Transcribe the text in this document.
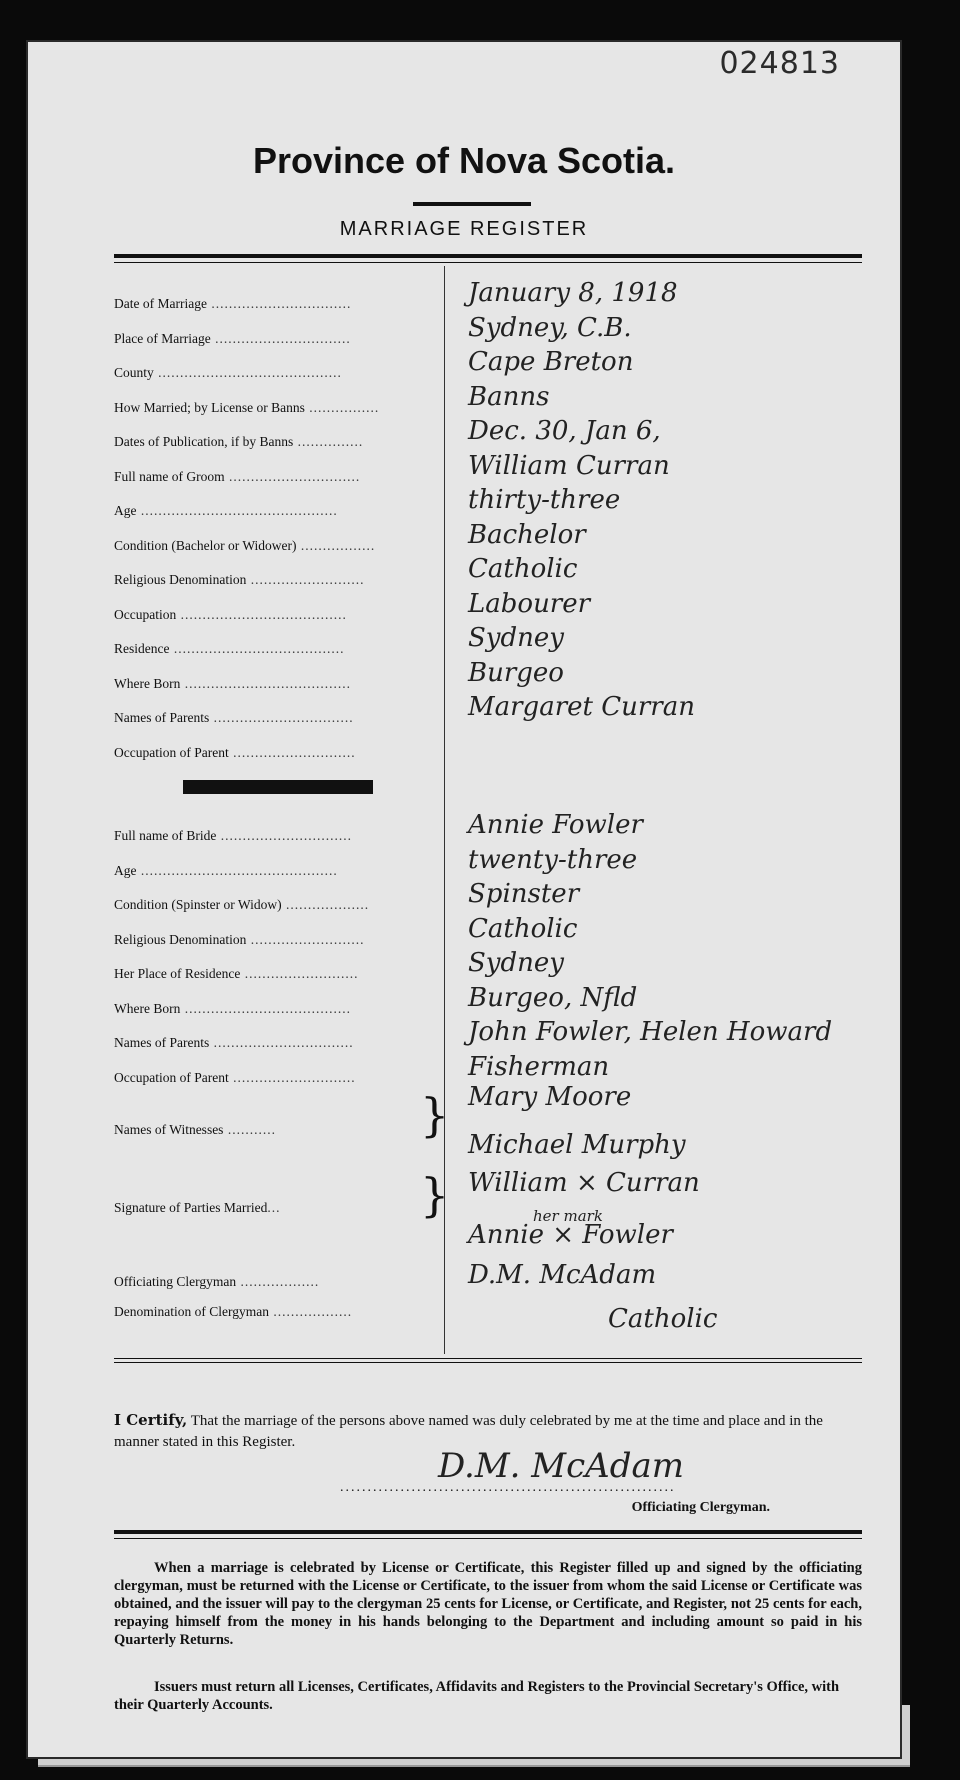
024813
Province of Nova Scotia.
MARRIAGE REGISTER
Date of Marriage ................................	January 8, 1918
Place of Marriage ...............................	Sydney, C.B.
County ..........................................	Cape Breton
How Married; by License or Banns ................	Banns
Dates of Publication, if by Banns ...............	Dec. 30, Jan 6,
Full name of Groom ..............................	William Curran
Age .............................................	thirty-three
Condition (Bachelor or Widower) .................	Bachelor
Religious Denomination ..........................	Catholic
Occupation ......................................	Labourer
Residence .......................................	Sydney
Where Born ......................................	Burgeo
Names of Parents ................................	Margaret Curran
Occupation of Parent ............................
Full name of Bride ..............................	Annie Fowler
Age .............................................	twenty-three
Condition (Spinster or Widow) ...................	Spinster
Religious Denomination ..........................	Catholic
Her Place of Residence ..........................	Sydney
Where Born ......................................	Burgeo, Nfld
Names of Parents ................................	John Fowler, Helen Howard
Occupation of Parent ............................	Fisherman
Names of Witnesses ...........	} Mary Moore
Michael Murphy
Signature of Parties Married...	} William × Curran
her mark
Annie × Fowler
Officiating Clergyman ..................	D.M. McAdam
Denomination of Clergyman ..................	Catholic
I Certify, That the marriage of the persons above named was duly celebrated by me at the time and place and in the manner stated in this Register.
D.M. McAdam
.............................................................
Officiating Clergyman.
When a marriage is celebrated by License or Certificate, this Register filled up and signed by the officiating clergyman, must be returned with the License or Certificate, to the issuer from whom the said License or Certificate was obtained, and the issuer will pay to the clergyman 25 cents for License, or Certificate, and Register, not 25 cents for each, repaying himself from the money in his hands belonging to the Department and including amount so paid in his Quarterly Returns.
Issuers must return all Licenses, Certificates, Affidavits and Registers to the Provincial Secretary's Office, with their Quarterly Accounts.
